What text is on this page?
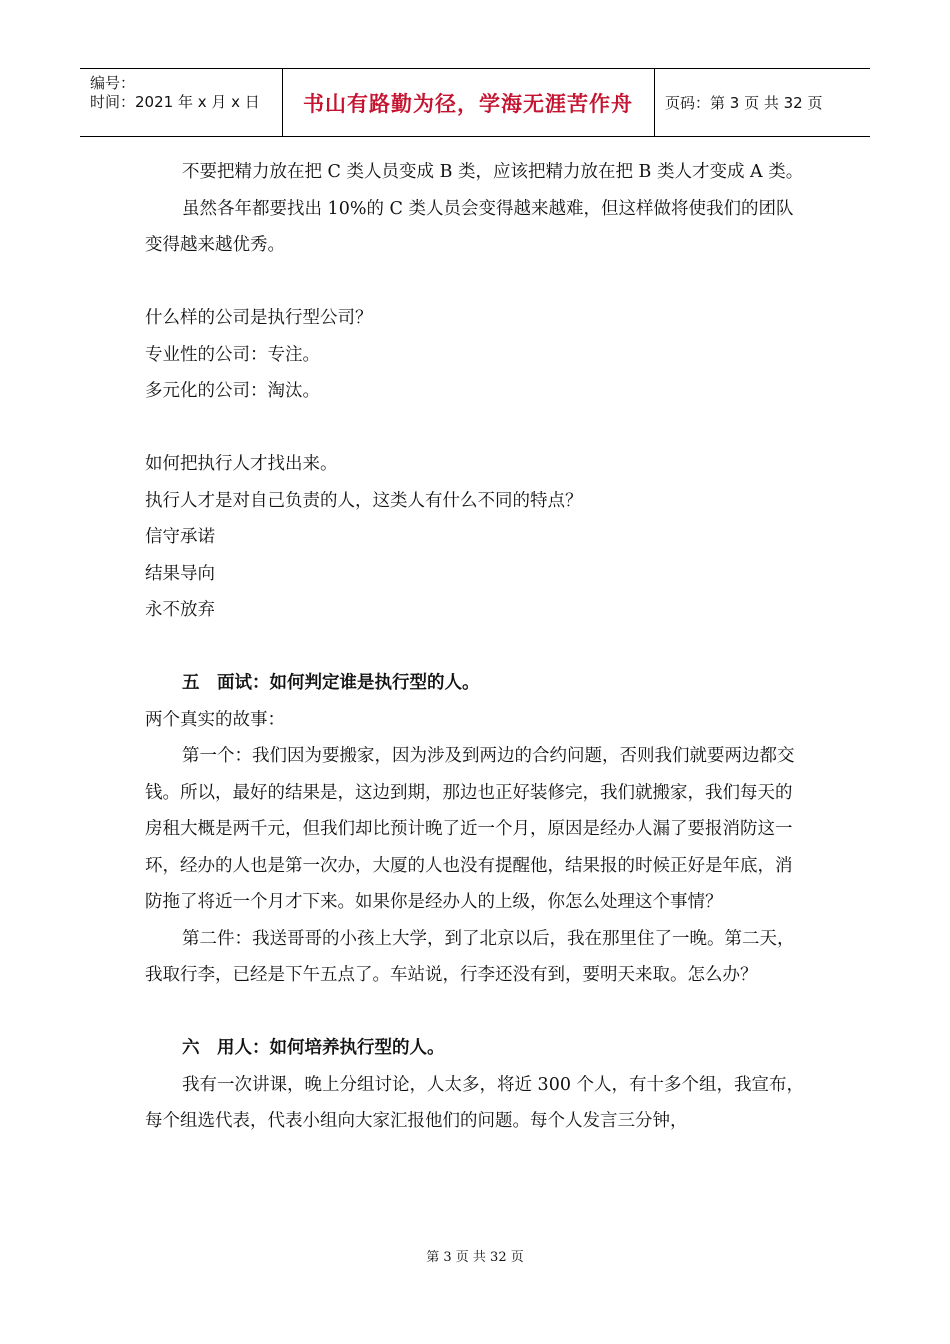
编号：
时间：2021 年 x 月 x 日 书山有路勤为径，学海无涯苦作舟 页码：第 3 页 共 32 页

不要把精力放在把 C 类人员变成 B 类，应该把精力放在把 B 类人才变成 A 类。

虽然各年都要找出 10%的 C 类人员会变得越来越难，但这样做将使我们的团队变得越来越优秀。

什么样的公司是执行型公司？

专业性的公司：专注。

多元化的公司：淘汰。

如何把执行人才找出来。

执行人才是对自己负责的人，这类人有什么不同的特点？

信守承诺

结果导向

永不放弃

五　面试：如何判定谁是执行型的人。

两个真实的故事：

第一个：我们因为要搬家，因为涉及到两边的合约问题，否则我们就要两边都交钱。所以，最好的结果是，这边到期，那边也正好装修完，我们就搬家，我们每天的房租大概是两千元，但我们却比预计晚了近一个月，原因是经办人漏了要报消防这一环，经办的人也是第一次办，大厦的人也没有提醒他，结果报的时候正好是年底，消防拖了将近一个月才下来。如果你是经办人的上级，你怎么处理这个事情？

第二件：我送哥哥的小孩上大学，到了北京以后，我在那里住了一晚。第二天，我取行李，已经是下午五点了。车站说，行李还没有到，要明天来取。怎么办？

六　用人：如何培养执行型的人。

我有一次讲课，晚上分组讨论，人太多，将近 300 个人，有十多个组，我宣布，每个组选代表，代表小组向大家汇报他们的问题。每个人发言三分钟，

第 3 页 共 32 页
